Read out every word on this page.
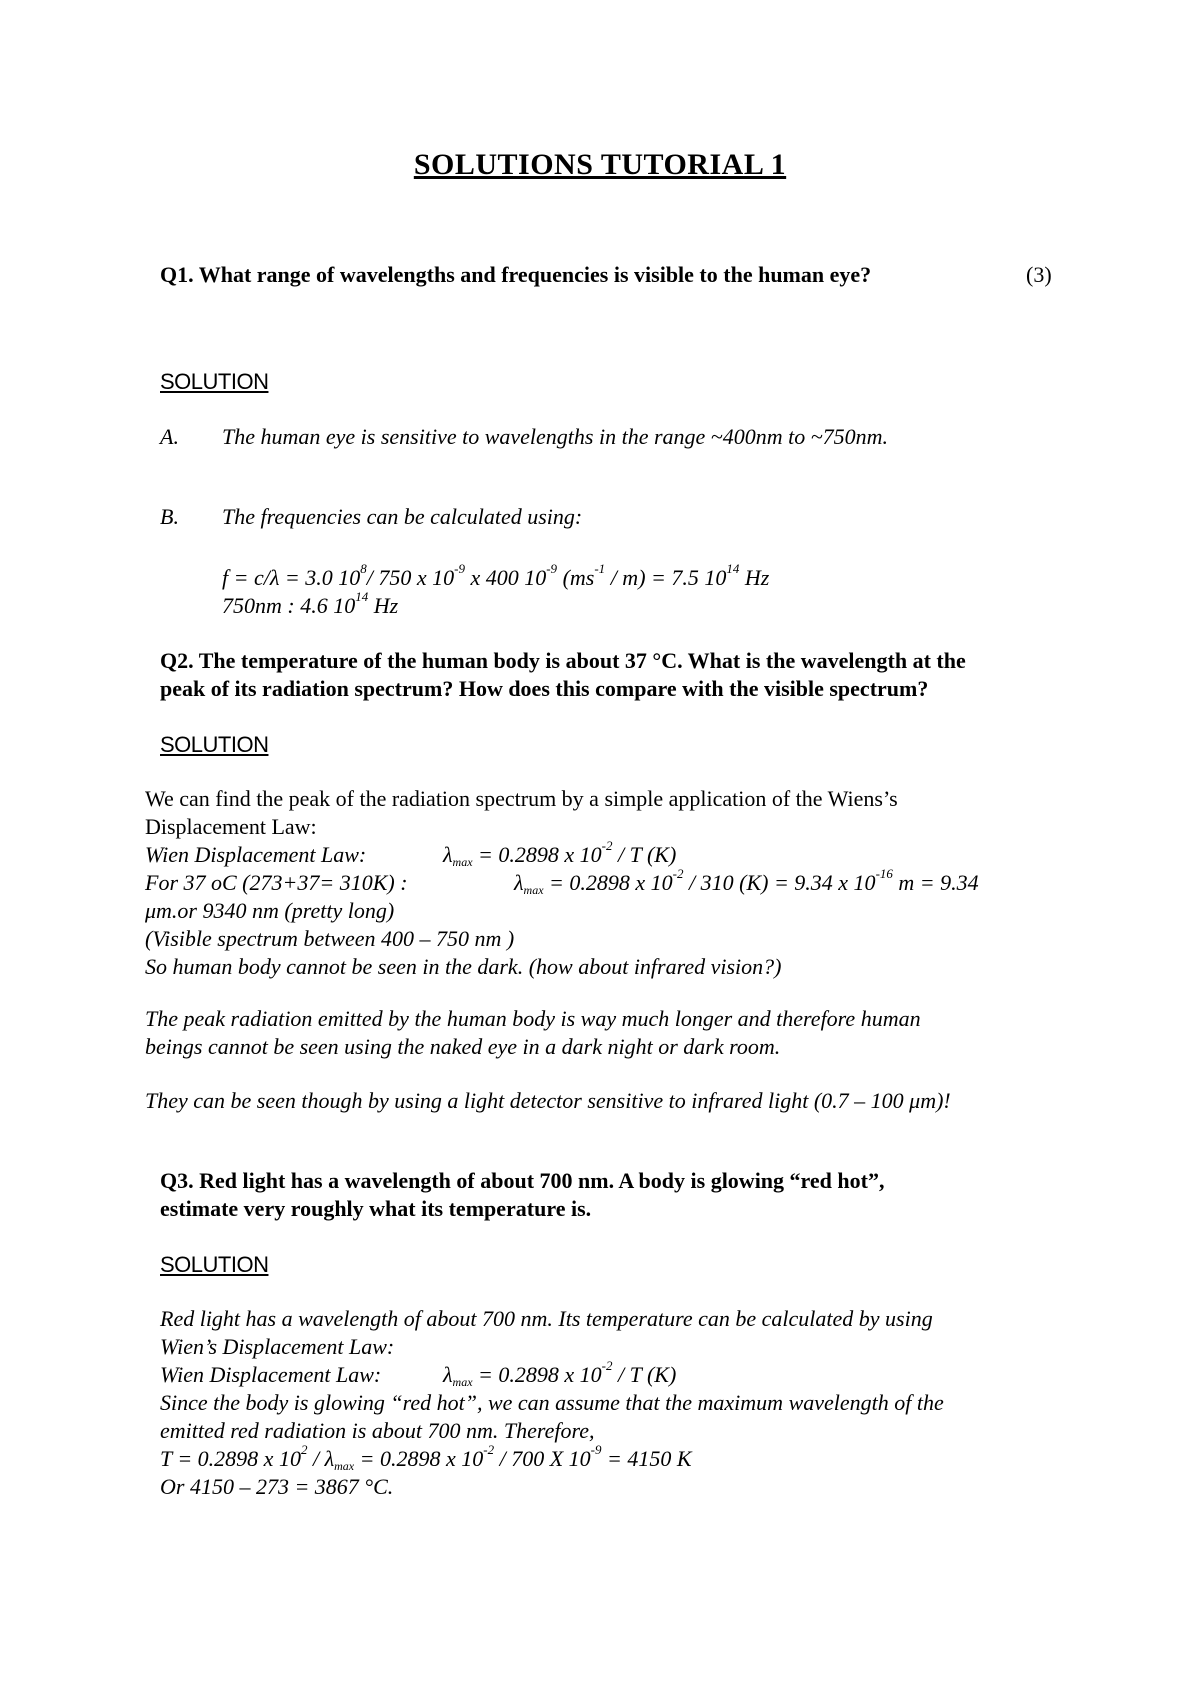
SOLUTIONS TUTORIAL 1

Q1. What range of wavelengths and frequencies is visible to the human eye?	(3)

SOLUTION

A. The human eye is sensitive to wavelengths in the range ~400nm to ~750nm.

B. The frequencies can be calculated using:

f = c/λ = 3.0 $10^8/$ 750 x $10^{-9}$ x 400 $10^{-9}$ $(ms^{-1} / m) = 7.5$ $10^{14}$ Hz

750nm : 4.6 $10^{14}$ Hz

Q2. The temperature of the human body is about 37 °C. What is the wavelength at the

peak of its radiation spectrum? How does this compare with the visible spectrum?

SOLUTION

We can find the peak of the radiation spectrum by a simple application of the Wiens’s

Displacement Law:

Wien Displacement Law:	$\lambda_{max} = 0.2898$ x $10^{-2}$ / T (K)

For 37 oC (273+37= 310K) :	$\lambda_{max} = 0.2898$ x $10^{-2} / 310$ (K) = 9.34 x $10^{-16}$ m = 9.34

μm.or 9340 nm (pretty long)

(Visible spectrum between 400 – 750 nm )

So human body cannot be seen in the dark. (how about infrared vision?)

The peak radiation emitted by the human body is way much longer and therefore human

beings cannot be seen using the naked eye in a dark night or dark room.

They can be seen though by using a light detector sensitive to infrared light (0.7 – 100 μm)!

Q3. Red light has a wavelength of about 700 nm. A body is glowing “red hot”,

estimate very roughly what its temperature is.

SOLUTION

Red light has a wavelength of about 700 nm. Its temperature can be calculated by using

Wien’s Displacement Law:

Wien Displacement Law:	$\lambda_{max} = 0.2898$ x $10^{-2}$ / T (K)

Since the body is glowing “red hot”, we can assume that the maximum wavelength of the

emitted red radiation is about 700 nm. Therefore,

T = 0.2898 x $10^2 / \lambda_{max} = 0.2898$ x $10^{-2} / 700$ X $10^{-9} = 4150$ K

Or 4150 – 273 = 3867 °C.
